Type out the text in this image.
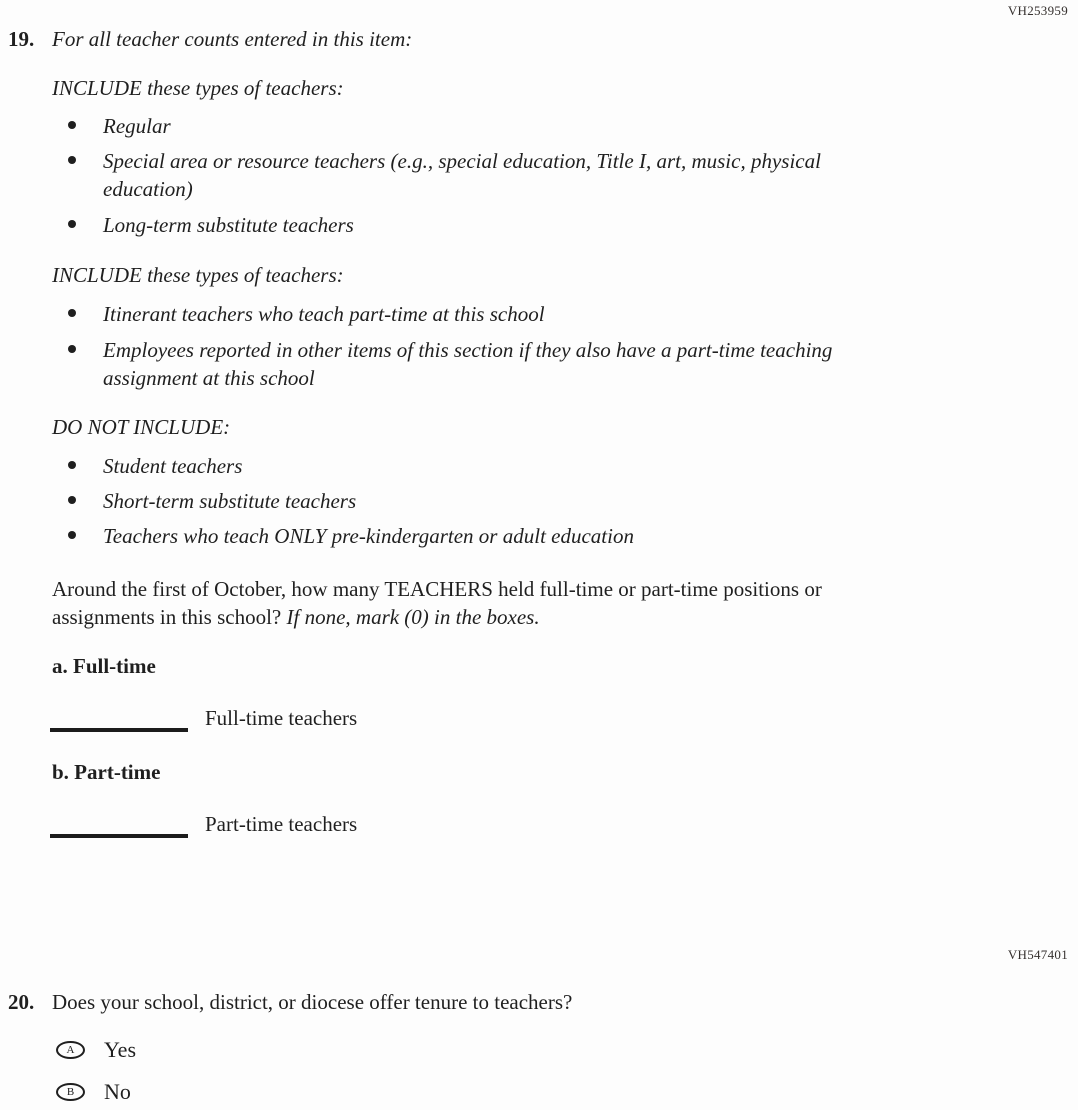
VH253959
19. For all teacher counts entered in this item:
INCLUDE these types of teachers:
Regular
Special area or resource teachers (e.g., special education, Title I, art, music, physical education)
Long-term substitute teachers
INCLUDE these types of teachers:
Itinerant teachers who teach part-time at this school
Employees reported in other items of this section if they also have a part-time teaching assignment at this school
DO NOT INCLUDE:
Student teachers
Short-term substitute teachers
Teachers who teach ONLY pre-kindergarten or adult education
Around the first of October, how many TEACHERS held full-time or part-time positions or assignments in this school? If none, mark (0) in the boxes.
a. Full-time
Full-time teachers
b. Part-time
Part-time teachers
VH547401
20. Does your school, district, or diocese offer tenure to teachers?
A Yes
B No
